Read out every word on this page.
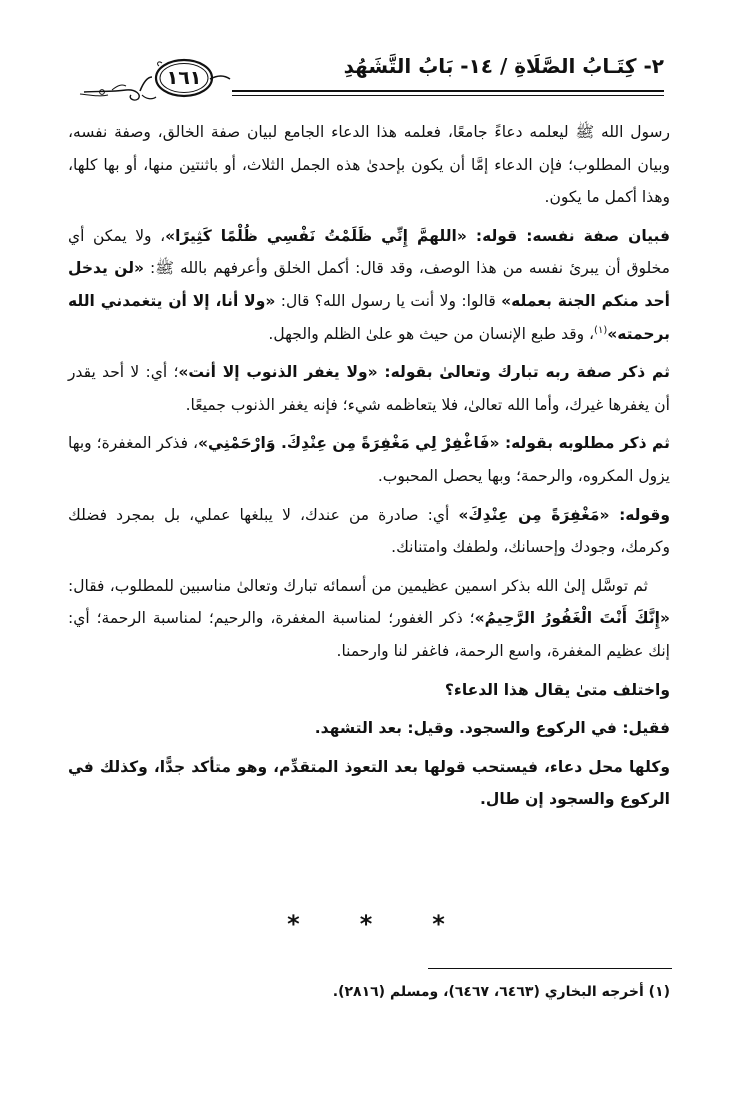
٢- كِتَـابُ الصَّلَاةِ / ١٤- بَابُ التَّشَهُدِ
١٦١

رسول الله ﷺ ليعلمه دعاءً جامعًا، فعلمه هذا الدعاء الجامع لبيان صفة الخالق، وصفة نفسه، وبيان المطلوب؛ فإن الدعاء إمَّا أن يكون بإحدىٰ هذه الجمل الثلاث، أو باثنتين منها، أو بها كلها، وهذا أكمل ما يكون.

فبيان صفة نفسه: قوله: «اللهمَّ إِنِّي ظَلَمْتُ نَفْسِي ظُلْمًا كَثِيرًا»، ولا يمكن أي مخلوق أن يبرئ نفسه من هذا الوصف، وقد قال: أكمل الخلق وأعرفهم بالله ﷺ: «لن يدخل أحد منكم الجنة بعمله» قالوا: ولا أنت يا رسول الله؟ قال: «ولا أنا، إلا أن يتغمدني الله برحمته»$^{(١)}$، وقد طبع الإنسان من حيث هو علىٰ الظلم والجهل.

ثم ذكر صفة ربه تبارك وتعالىٰ بقوله: «ولا يغفر الذنوب إلا أنت»؛ أي: لا أحد يقدر أن يغفرها غيرك، وأما الله تعالىٰ، فلا يتعاظمه شيء؛ فإنه يغفر الذنوب جميعًا.

ثم ذكر مطلوبه بقوله: «فَاغْفِرْ لِي مَغْفِرَةً مِن عِنْدِكَ. وَارْحَمْنِي»، فذكر المغفرة؛ وبها يزول المكروه، والرحمة؛ وبها يحصل المحبوب.

وقوله: «مَغْفِرَةً مِن عِنْدِكَ» أي: صادرة من عندك، لا يبلغها عملي، بل بمجرد فضلك وكرمك، وجودك وإحسانك، ولطفك وامتنانك.

ثم توسَّل إلىٰ الله بذكر اسمين عظيمين من أسمائه تبارك وتعالىٰ مناسبين للمطلوب، فقال: «إِنَّكَ أَنْتَ الْغَفُورُ الرَّحِيمُ»؛ ذكر الغفور؛ لمناسبة المغفرة، والرحيم؛ لمناسبة الرحمة؛ أي: إنك عظيم المغفرة، واسع الرحمة، فاغفر لنا وارحمنا.

واختلف متىٰ يقال هذا الدعاء؟

فقيل: في الركوع والسجود. وقيل: بعد التشهد.

وكلها محل دعاء، فيستحب قولها بعد التعوذ المتقدِّم، وهو متأكد جدًّا، وكذلك في الركوع والسجود إن طال.

*	*	*
(١) أخرجه البخاري (٦٤٦٣، ٦٤٦٧)، ومسلم (٢٨١٦).
